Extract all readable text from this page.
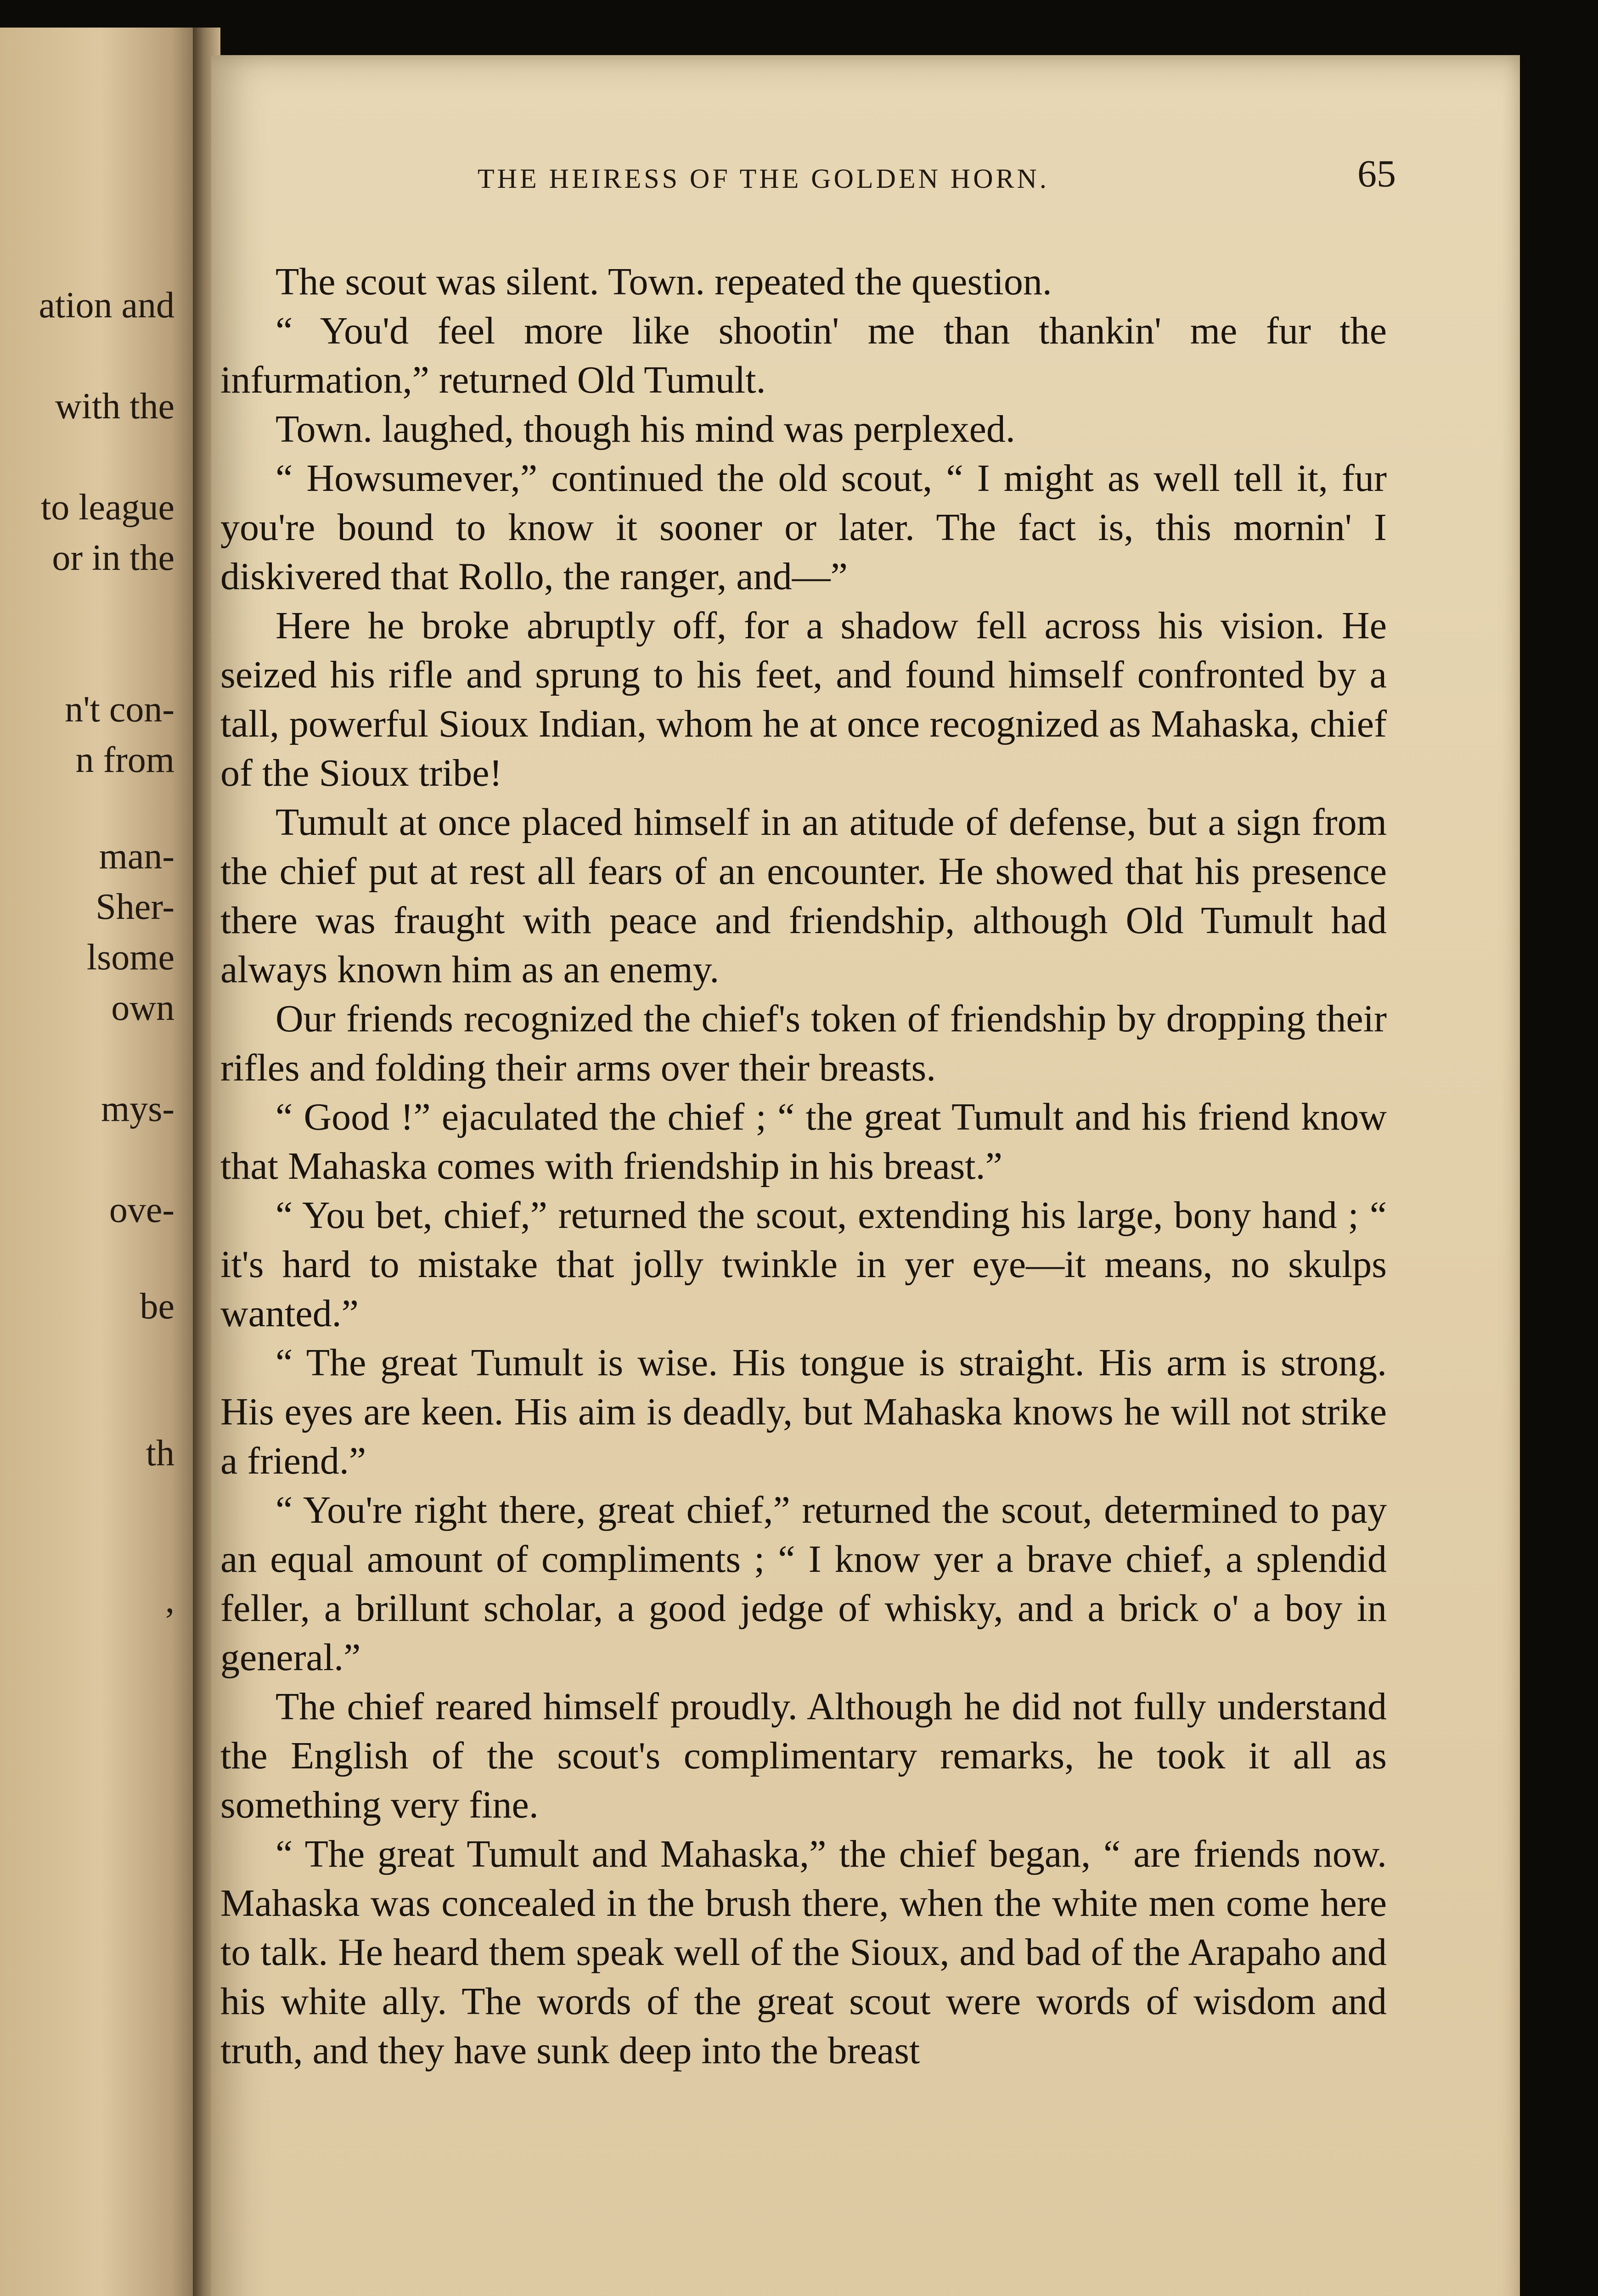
ation and
with the
to league
or in the
n't con-
n from
man-
Sher-
lsome
own
mys-
ove-
be
th
,
THE HEIRESS OF THE GOLDEN HORN.	65

The scout was silent. Town. repeated the question.

“ You'd feel more like shootin' me than thankin' me fur the infurmation,” returned Old Tumult.

Town. laughed, though his mind was perplexed.

“ Howsumever,” continued the old scout, “ I might as well tell it, fur you're bound to know it sooner or later. The fact is, this mornin' I diskivered that Rollo, the ranger, and—”

Here he broke abruptly off, for a shadow fell across his vision. He seized his rifle and sprung to his feet, and found himself confronted by a tall, powerful Sioux Indian, whom he at once recognized as Mahaska, chief of the Sioux tribe!

Tumult at once placed himself in an atitude of defense, but a sign from the chief put at rest all fears of an encounter. He showed that his presence there was fraught with peace and friendship, although Old Tumult had always known him as an enemy.

Our friends recognized the chief's token of friendship by dropping their rifles and folding their arms over their breasts.

“ Good !” ejaculated the chief ; “ the great Tumult and his friend know that Mahaska comes with friendship in his breast.”

“ You bet, chief,” returned the scout, extending his large, bony hand ; “ it's hard to mistake that jolly twinkle in yer eye—it means, no skulps wanted.”

“ The great Tumult is wise. His tongue is straight. His arm is strong. His eyes are keen. His aim is deadly, but Mahaska knows he will not strike a friend.”

“ You're right there, great chief,” returned the scout, determined to pay an equal amount of compliments ; “ I know yer a brave chief, a splendid feller, a brillunt scholar, a good jedge of whisky, and a brick o' a boy in general.”

The chief reared himself proudly. Although he did not fully understand the English of the scout's complimentary remarks, he took it all as something very fine.

“ The great Tumult and Mahaska,” the chief began, “ are friends now. Mahaska was concealed in the brush there, when the white men come here to talk. He heard them speak well of the Sioux, and bad of the Arapaho and his white ally. The words of the great scout were words of wisdom and truth, and they have sunk deep into the breast
